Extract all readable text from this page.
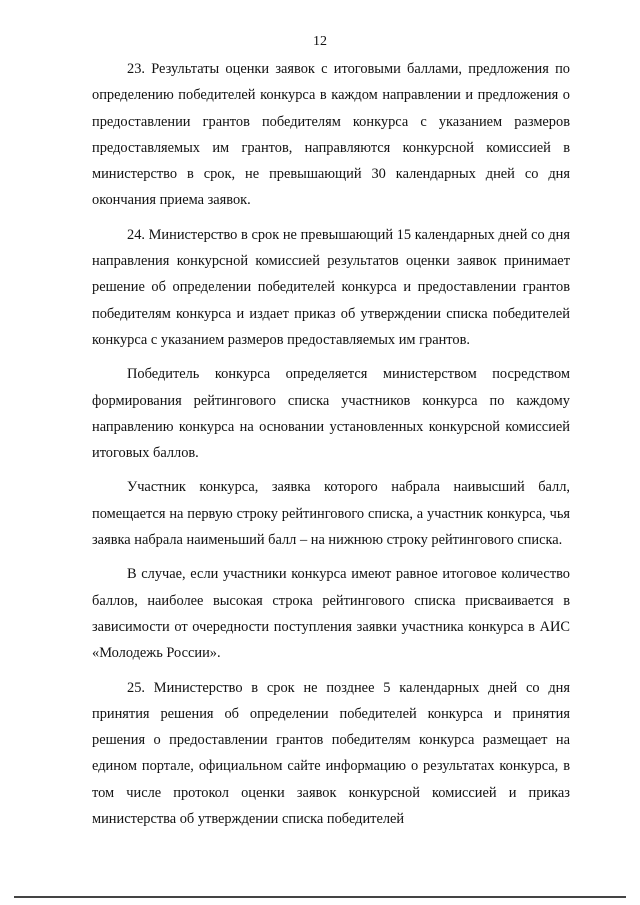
12

23. Результаты оценки заявок с итоговыми баллами, предложения по определению победителей конкурса в каждом направлении и предложения о предоставлении грантов победителям конкурса с указанием размеров предоставляемых им грантов, направляются конкурсной комиссией в министерство в срок, не превышающий 30 календарных дней со дня окончания приема заявок.

24. Министерство в срок не превышающий 15 календарных дней со дня направления конкурсной комиссией результатов оценки заявок принимает решение об определении победителей конкурса и предоставлении грантов победителям конкурса и издает приказ об утверждении списка победителей конкурса с указанием размеров предоставляемых им грантов.

Победитель конкурса определяется министерством посредством формирования рейтингового списка участников конкурса по каждому направлению конкурса на основании установленных конкурсной комиссией итоговых баллов.

Участник конкурса, заявка которого набрала наивысший балл, помещается на первую строку рейтингового списка, а участник конкурса, чья заявка набрала наименьший балл – на нижнюю строку рейтингового списка.

В случае, если участники конкурса имеют равное итоговое количество баллов, наиболее высокая строка рейтингового списка присваивается в зависимости от очередности поступления заявки участника конкурса в АИС «Молодежь России».

25. Министерство в срок не позднее 5 календарных дней со дня принятия решения об определении победителей конкурса и принятия решения о предоставлении грантов победителям конкурса размещает на едином портале, официальном сайте информацию о результатах конкурса, в том числе протокол оценки заявок конкурсной комиссией и приказ министерства об утверждении списка победителей
